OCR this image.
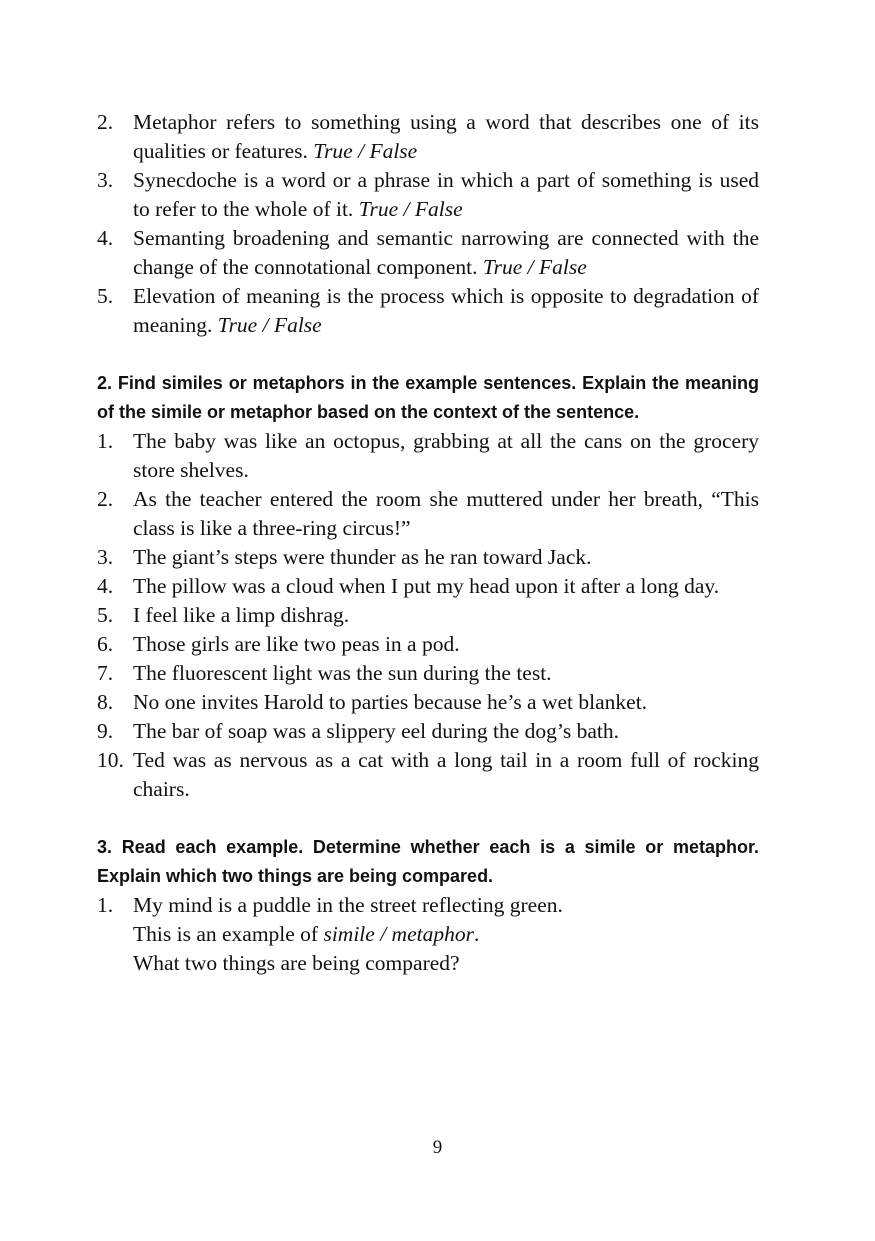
2. Metaphor refers to something using a word that describes one of its qualities or features. True / False
3. Synecdoche is a word or a phrase in which a part of something is used to refer to the whole of it. True / False
4. Semanting broadening and semantic narrowing are connected with the change of the connotational component. True / False
5. Elevation of meaning is the process which is opposite to degradation of meaning. True / False

2. Find similes or metaphors in the example sentences. Explain the meaning of the simile or metaphor based on the context of the sentence.

1. The baby was like an octopus, grabbing at all the cans on the grocery store shelves.
2. As the teacher entered the room she muttered under her breath, “This class is like a three-ring circus!”
3. The giant’s steps were thunder as he ran toward Jack.
4. The pillow was a cloud when I put my head upon it after a long day.
5. I feel like a limp dishrag.
6. Those girls are like two peas in a pod.
7. The fluorescent light was the sun during the test.
8. No one invites Harold to parties because he’s a wet blanket.
9. The bar of soap was a slippery eel during the dog’s bath.
10. Ted was as nervous as a cat with a long tail in a room full of rocking chairs.

3. Read each example. Determine whether each is a simile or metaphor. Explain which two things are being compared.

1. My mind is a puddle in the street reflecting green.
This is an example of simile / metaphor.
What two things are being compared?
9
